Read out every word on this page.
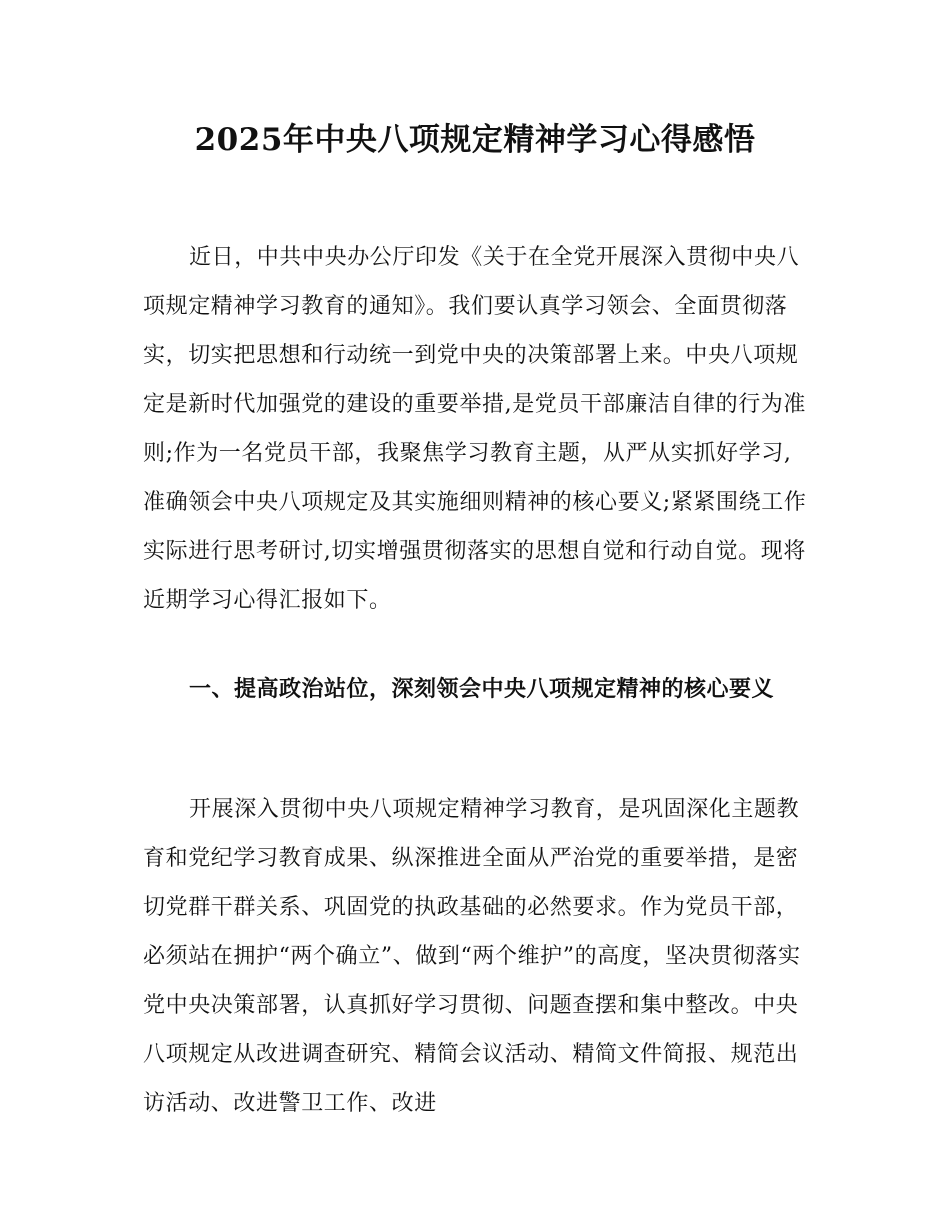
2025年中央八项规定精神学习心得感悟

近日，中共中央办公厅印发《关于在全党开展深入贯彻中央八项规定精神学习教育的通知》。我们要认真学习领会、全面贯彻落实，切实把思想和行动统一到党中央的决策部署上来。中央八项规定是新时代加强党的建设的重要举措,是党员干部廉洁自律的行为准则;作为一名党员干部，我聚焦学习教育主题，从严从实抓好学习,准确领会中央八项规定及其实施细则精神的核心要义;紧紧围绕工作实际进行思考研讨,切实增强贯彻落实的思想自觉和行动自觉。现将近期学习心得汇报如下。

一、提高政治站位，深刻领会中央八项规定精神的核心要义

开展深入贯彻中央八项规定精神学习教育，是巩固深化主题教育和党纪学习教育成果、纵深推进全面从严治党的重要举措，是密切党群干群关系、巩固党的执政基础的必然要求。作为党员干部，必须站在拥护“两个确立”、做到“两个维护”的高度，坚决贯彻落实党中央决策部署，认真抓好学习贯彻、问题查摆和集中整改。中央八项规定从改进调查研究、精简会议活动、精简文件简报、规范出访活动、改进警卫工作、改进
